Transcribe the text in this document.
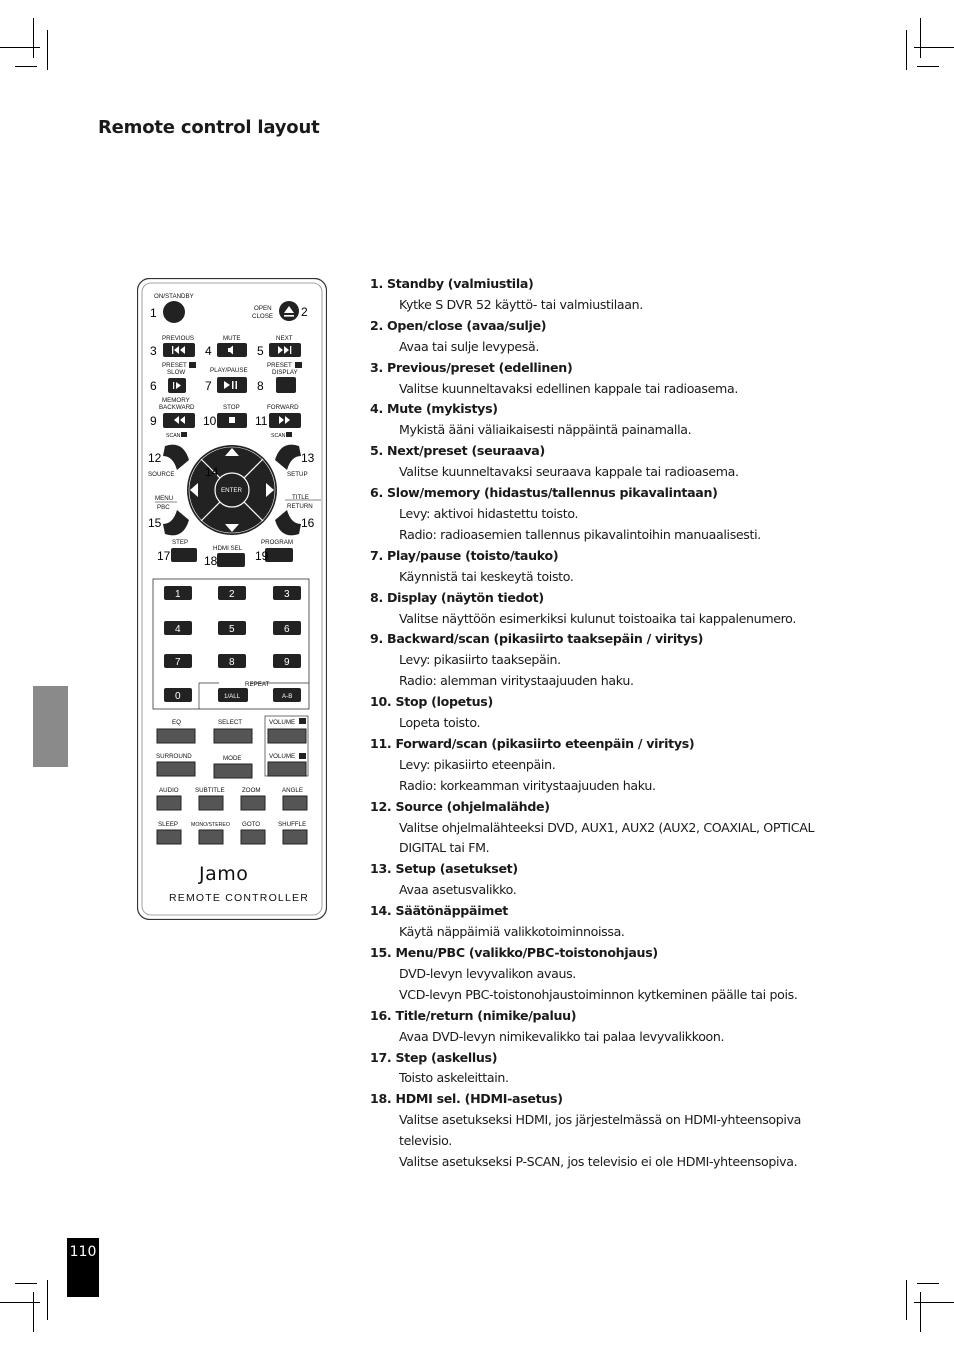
Remote control layout
110
ON/STANDBY
1	OPEN
CLOSE 2
PREVIOUS	MUTE	NEXT
3	4	5
PRESET
SLOW	PLAY/PAUSE
PRESET
DISPLAY
6	7	8
MEMORY
BACKWARD	STOP	FORWARD
9	10	11
SCAN	SCAN
12	13
SOURCE	SETUP
ENTER
14
MENU
PBC
TITLE
RETURN
15	16
STEP
HDMI SEL
PROGRAM
17	18	19
1	2	3
4	5	6
7	8	9
0
REPEAT
1/ALL	A-B
EQ	SELECT	VOLUME
SURROUND	MODE	VOLUME
AUDIO	SUBTITLE	ZOOM	ANGLE
SLEEP	MONO/STEREO GOTO	SHUFFLE
Jamo
REMOTE CONTROLLER
1. Standby (valmiustila)
Kytke S DVR 52 käyttö- tai valmiustilaan.
2. Open/close (avaa/sulje)
Avaa tai sulje levypesä.
3. Previous/preset (edellinen)
Valitse kuunneltavaksi edellinen kappale tai radioasema.
4. Mute (mykistys)
Mykistä ääni väliaikaisesti näppäintä painamalla.
5. Next/preset (seuraava)
Valitse kuunneltavaksi seuraava kappale tai radioasema.
6. Slow/memory (hidastus/tallennus pikavalintaan)
Levy: aktivoi hidastettu toisto.
Radio: radioasemien tallennus pikavalintoihin manuaalisesti.
7. Play/pause (toisto/tauko)
Käynnistä tai keskeytä toisto.
8. Display (näytön tiedot)
Valitse näyttöön esimerkiksi kulunut toistoaika tai kappalenumero.
9. Backward/scan (pikasiirto taaksepäin / viritys)
Levy: pikasiirto taaksepäin.
Radio: alemman viritystaajuuden haku.
10. Stop (lopetus)
Lopeta toisto.
11. Forward/scan (pikasiirto eteenpäin / viritys)
Levy: pikasiirto eteenpäin.
Radio: korkeamman viritystaajuuden haku.
12. Source (ohjelmalähde)
Valitse ohjelmalähteeksi DVD, AUX1, AUX2 (AUX2, COAXIAL, OPTICAL
DIGITAL tai FM.
13. Setup (asetukset)
Avaa asetusvalikko.
14. Säätönäppäimet
Käytä näppäimiä valikkotoiminnoissa.
15. Menu/PBC (valikko/PBC-toistonohjaus)
DVD-levyn levyvalikon avaus.
VCD-levyn PBC-toistonohjaustoiminnon kytkeminen päälle tai pois.
16. Title/return (nimike/paluu)
Avaa DVD-levyn nimikevalikko tai palaa levyvalikkoon.
17. Step (askellus)
Toisto askeleittain.
18. HDMI sel. (HDMI-asetus)
Valitse asetukseksi HDMI, jos järjestelmässä on HDMI-yhteensopiva
televisio.
Valitse asetukseksi P-SCAN, jos televisio ei ole HDMI-yhteensopiva.
